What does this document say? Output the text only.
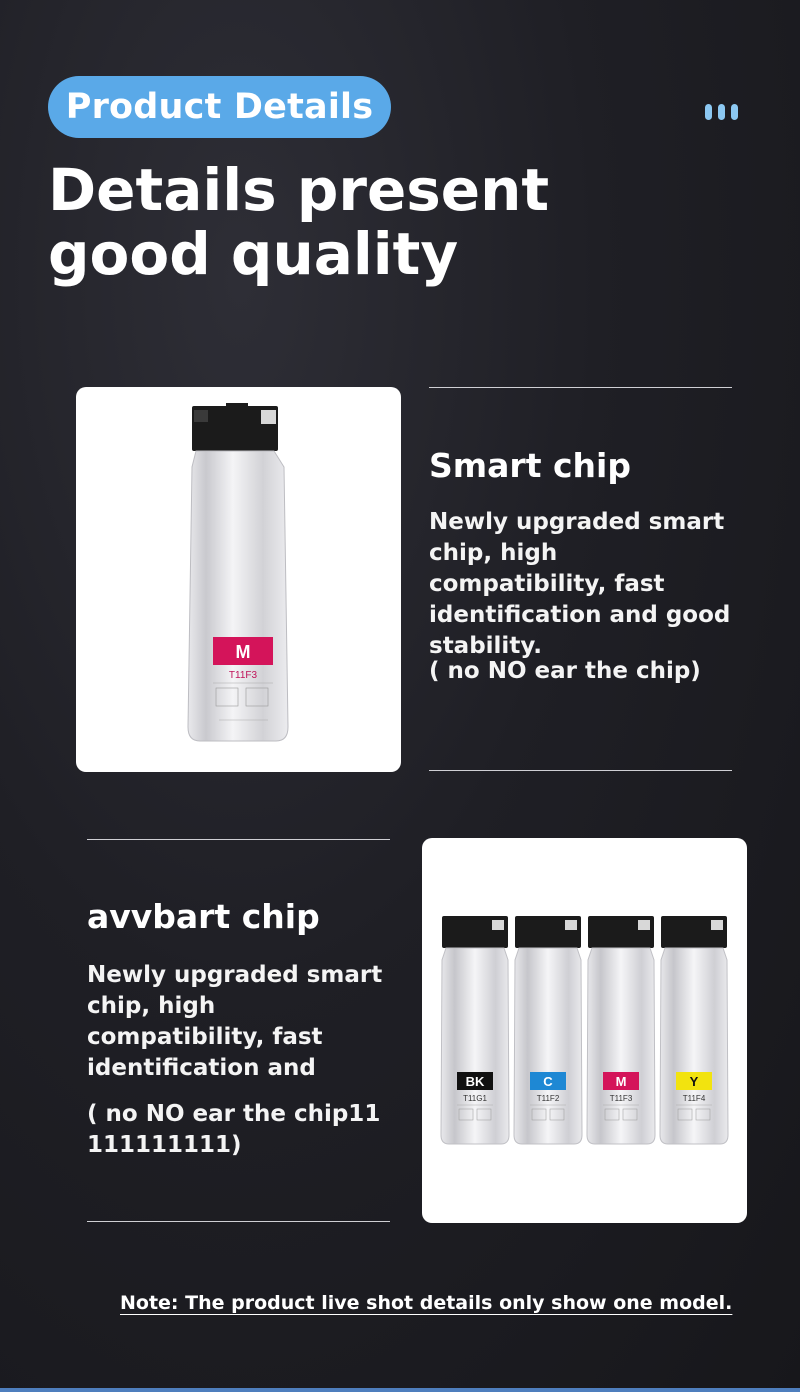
Product Details
Details present
good quality
M
T11F3
Smart chip
Newly upgraded smart chip, high compatibility, fast identification and good stability.
( no NO ear the chip)
avvbart chip
Newly upgraded smart chip, high compatibility, fast identification and
( no NO ear the chip11 111111111)
BK
T11G1
C
T11F2
M
T11F3
Y
T11F4
Note: The product live shot details only show one model.
